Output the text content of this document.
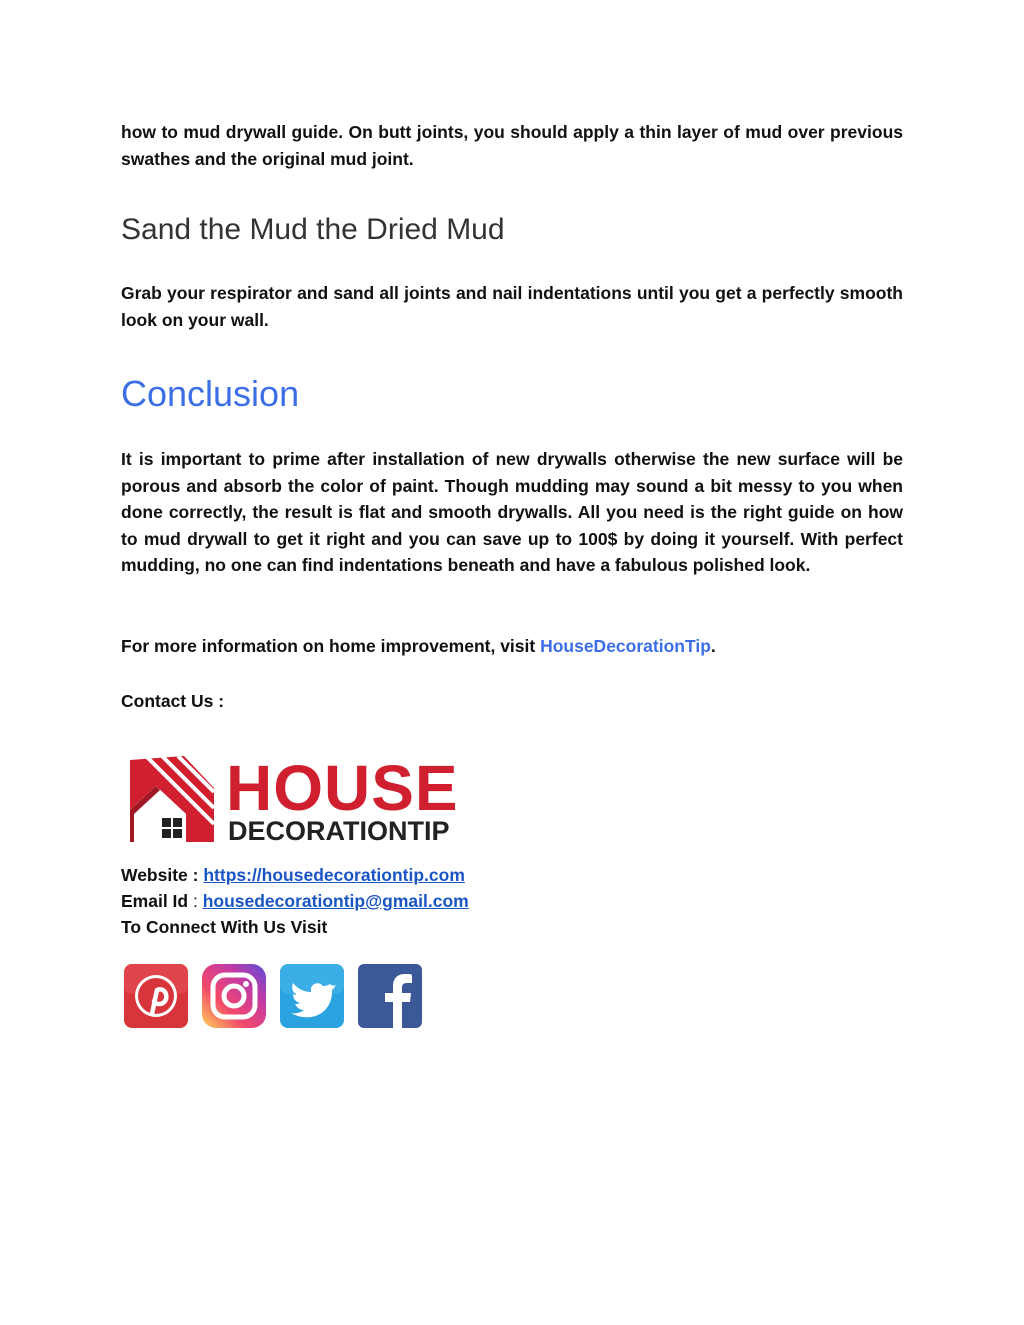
how to mud drywall guide. On butt joints, you should apply a thin layer of mud over previous swathes and the original mud joint.

Sand the Mud the Dried Mud

Grab your respirator and sand all joints and nail indentations until you get a perfectly smooth look on your wall.

Conclusion

It is important to prime after installation of new drywalls otherwise the new surface will be porous and absorb the color of paint. Though mudding may sound a bit messy to you when done correctly, the result is flat and smooth drywalls. All you need is the right guide on how to mud drywall to get it right and you can save up to 100$ by doing it yourself. With perfect mudding, no one can find indentations beneath and have a fabulous polished look.

For more information on home improvement, visit HouseDecorationTip.

Contact Us :

HOUSE
DECORATIONTIP

Website : https://housedecorationtip.com

Email Id : housedecorationtip@gmail.com

To Connect With Us Visit
